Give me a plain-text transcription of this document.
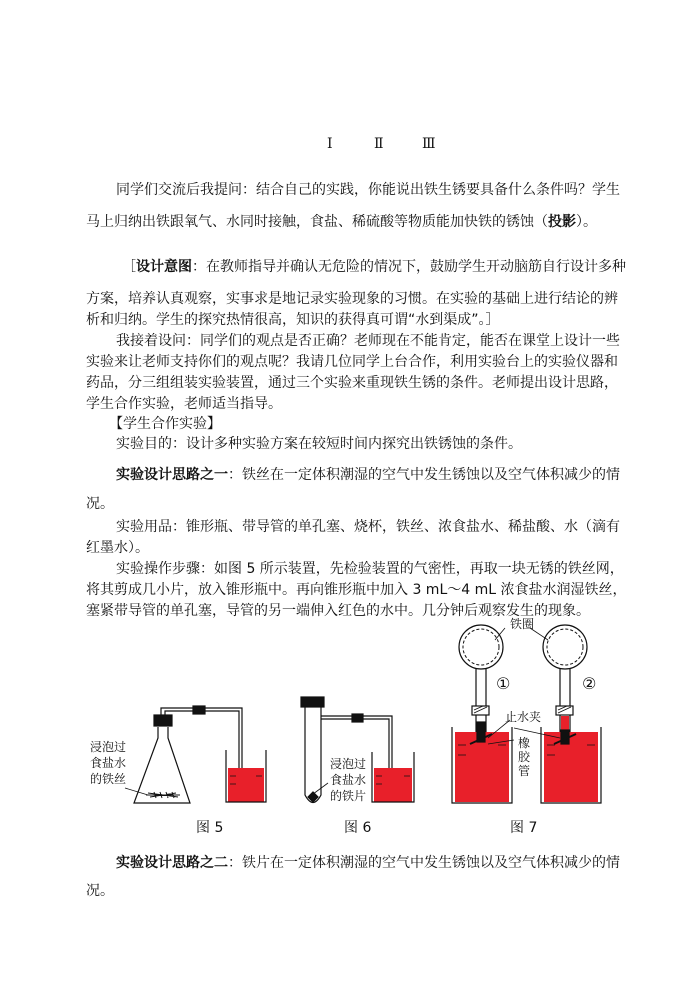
Ⅰ	Ⅱ	Ⅲ
同学们交流后我提问：结合自己的实践，你能说出铁生锈要具备什么条件吗？学生
马上归纳出铁跟氧气、水同时接触，食盐、稀硫酸等物质能加快铁的锈蚀（投影）。
［设计意图：在教师指导并确认无危险的情况下，鼓励学生开动脑筋自行设计多种
方案，培养认真观察，实事求是地记录实验现象的习惯。在实验的基础上进行结论的辨
析和归纳。学生的探究热情很高，知识的获得真可谓“水到渠成”。］
我接着设问：同学们的观点是否正确？老师现在不能肯定，能否在课堂上设计一些
实验来让老师支持你们的观点呢？我请几位同学上台合作，利用实验台上的实验仪器和
药品，分三组组装实验装置，通过三个实验来重现铁生锈的条件。老师提出设计思路，
学生合作实验，老师适当指导。
【学生合作实验】
实验目的：设计多种实验方案在较短时间内探究出铁锈蚀的条件。
实验设计思路之一：铁丝在一定体积潮湿的空气中发生锈蚀以及空气体积减少的情
况。
实验用品：锥形瓶、带导管的单孔塞、烧杯，铁丝、浓食盐水、稀盐酸、水（滴有
红墨水）。
实验操作步骤：如图 5 所示装置，先检验装置的气密性，再取一块无锈的铁丝网，
将其剪成几小片，放入锥形瓶中。再向锥形瓶中加入 3 mL～4 mL 浓食盐水润湿铁丝，
塞紧带导管的单孔塞，导管的另一端伸入红色的水中。几分钟后观察发生的现象。
浸泡过
食盐水
的铁丝
浸泡过
食盐水
的铁片
铁圈
①	②
止水夹
橡
胶
管
图 5	图 6	图 7
实验设计思路之二：铁片在一定体积潮湿的空气中发生锈蚀以及空气体积减少的情
况。
